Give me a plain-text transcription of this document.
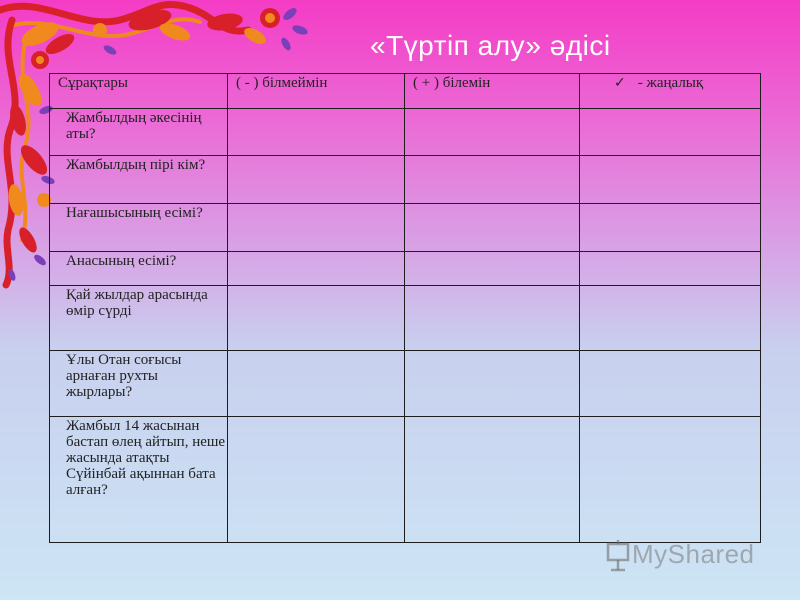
«Түртіп алу» әдісі
Сұрақтары	( - ) білмеймін	( + ) білемін	✓ - жаңалық
Жамбылдың әкесінің аты?			
Жамбылдың пірі кім?			
Нағашысының есімі?			
Анасының есімі?			
Қай жылдар арасында өмір сүрді			
Ұлы Отан соғысы арнаған рухты жырлары?			
Жамбыл 14 жасынан бастап өлең айтып, неше жасында атақты Сүйінбай ақыннан бата алған?			
MyShared
